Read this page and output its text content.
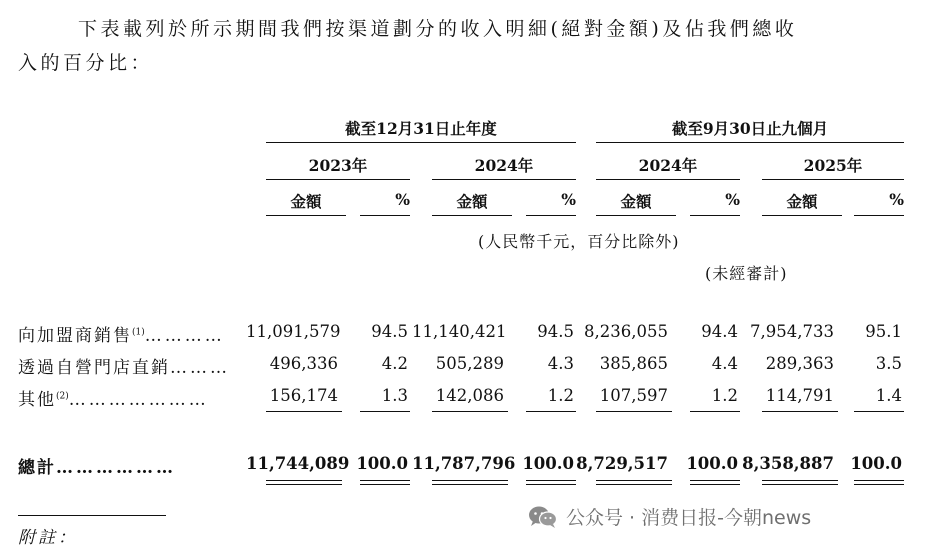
下表載列於所示期間我們按渠道劃分的收入明細(絕對金額)及佔我們總收
入的百分比：
截至12月31日止年度	截至9月30日止九個月
2023年	2024年	2024年	2025年
金額	%	金額	%	金額	%	金額	%
(人民幣千元，百分比除外)
(未經審計)
向加盟商銷售$^{(1)}$………… 11,091,579	94.5 11,140,421	94.5 8,236,055	94.4 7,954,733	95.1
透過自營門店直銷………	496,336	4.2	505,289	4.3	385,865	4.4	289,363	3.5
其他$^{(2)}$…………………	156,174	1.3	142,086	1.2	107,597	1.2	114,791	1.4
總計………………	11,744,089 100.0 11,787,796 100.0 8,729,517	100.0 8,358,887 100.0
附註：
公众号 · 消费日报-今朝news
